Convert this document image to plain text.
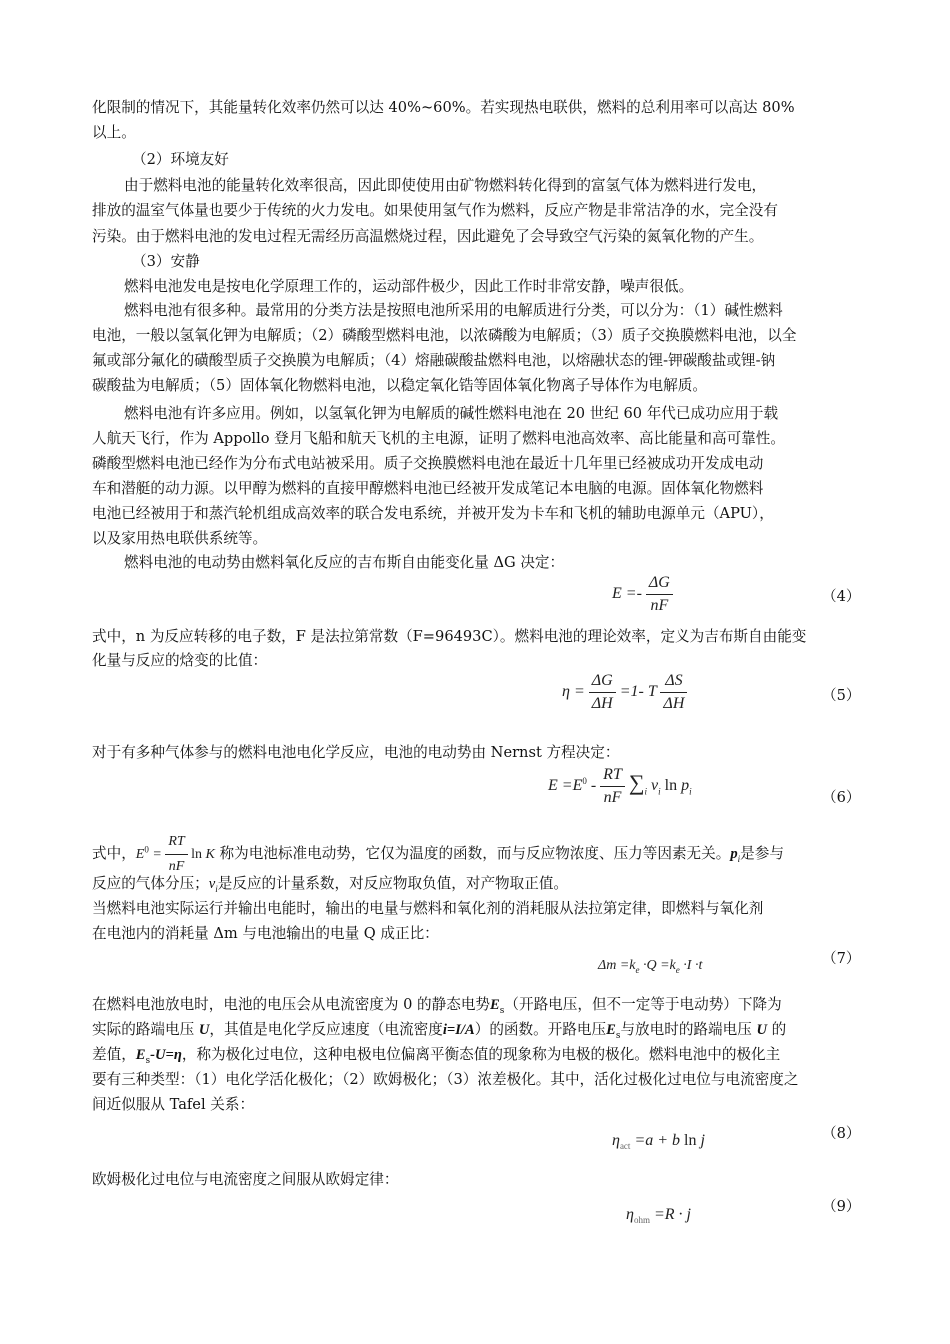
化限制的情况下，其能量转化效率仍然可以达 40%~60%。若实现热电联供，燃料的总利用率可以高达 80%
以上。
（2）环境友好
由于燃料电池的能量转化效率很高，因此即使使用由矿物燃料转化得到的富氢气体为燃料进行发电，
排放的温室气体量也要少于传统的火力发电。如果使用氢气作为燃料，反应产物是非常洁净的水，完全没有
污染。由于燃料电池的发电过程无需经历高温燃烧过程，因此避免了会导致空气污染的氮氧化物的产生。
（3）安静
燃料电池发电是按电化学原理工作的，运动部件极少，因此工作时非常安静，噪声很低。
燃料电池有很多种。最常用的分类方法是按照电池所采用的电解质进行分类，可以分为：（1）碱性燃料
电池，一般以氢氧化钾为电解质；（2）磷酸型燃料电池，以浓磷酸为电解质；（3）质子交换膜燃料电池，以全
氟或部分氟化的磺酸型质子交换膜为电解质；（4）熔融碳酸盐燃料电池，以熔融状态的锂-钾碳酸盐或锂-钠
碳酸盐为电解质；（5）固体氧化物燃料电池，以稳定氧化锆等固体氧化物离子导体作为电解质。
燃料电池有许多应用。例如，以氢氧化钾为电解质的碱性燃料电池在 20 世纪 60 年代已成功应用于载
人航天飞行，作为 Appollo 登月飞船和航天飞机的主电源，证明了燃料电池高效率、高比能量和高可靠性。
磷酸型燃料电池已经作为分布式电站被采用。质子交换膜燃料电池在最近十几年里已经被成功开发成电动
车和潜艇的动力源。以甲醇为燃料的直接甲醇燃料电池已经被开发成笔记本电脑的电源。固体氧化物燃料
电池已经被用于和蒸汽轮机组成高效率的联合发电系统，并被开发为卡车和飞机的辅助电源单元（APU），
以及家用热电联供系统等。
燃料电池的电动势由燃料氧化反应的吉布斯自由能变化量 ΔG 决定：
$E =- \frac{\Delta G}{nF}$	（4）
式中，n 为反应转移的电子数，F 是法拉第常数（F=96493C）。燃料电池的理论效率，定义为吉布斯自由能变
化量与反应的焓变的比值：
$\eta = \frac{\Delta G}{\Delta H} =1-$ T $\frac{\Delta S}{\Delta H}$	（5）
对于有多种气体参与的燃料电池电化学反应，电池的电动势由 Nernst 方程决定：
$E =E^0 - \frac{RT}{nF} \sum_i$ $v_i$ $\ln p_i$	（6）
式中，$E^0 = \frac{RT}{nF}$ ln K 称为电池标准电动势，它仅为温度的函数，而与反应物浓度、压力等因素无关。$p_i$是参与
反应的气体分压；$v_i$是反应的计量系数，对反应物取负值，对产物取正值。
当燃料电池实际运行并输出电能时，输出的电量与燃料和氧化剂的消耗服从法拉第定律，即燃料与氧化剂
在电池内的消耗量 Δm 与电池输出的电量 Q 成正比：
$\Delta m =k_e \cdot Q =k_e \cdot I \cdot t$	（7）
在燃料电池放电时，电池的电压会从电流密度为 0 的静态电势$E_s$（开路电压，但不一定等于电动势）下降为
实际的路端电压 U，其值是电化学反应速度（电流密度i=I/A）的函数。开路电压$E_s$与放电时的路端电压 U 的
差值，$E_s-U=\eta$，称为极化过电位，这种电极电位偏离平衡态值的现象称为电极的极化。燃料电池中的极化主
要有三种类型：（1）电化学活化极化；（2）欧姆极化；（3）浓差极化。其中，活化过极化过电位与电流密度之
间近似服从 Tafel 关系：
$\eta_{act} =a + b$ ln j	（8）
欧姆极化过电位与电流密度之间服从欧姆定律：
$\eta_{ohm} =R \cdot j$	（9）
